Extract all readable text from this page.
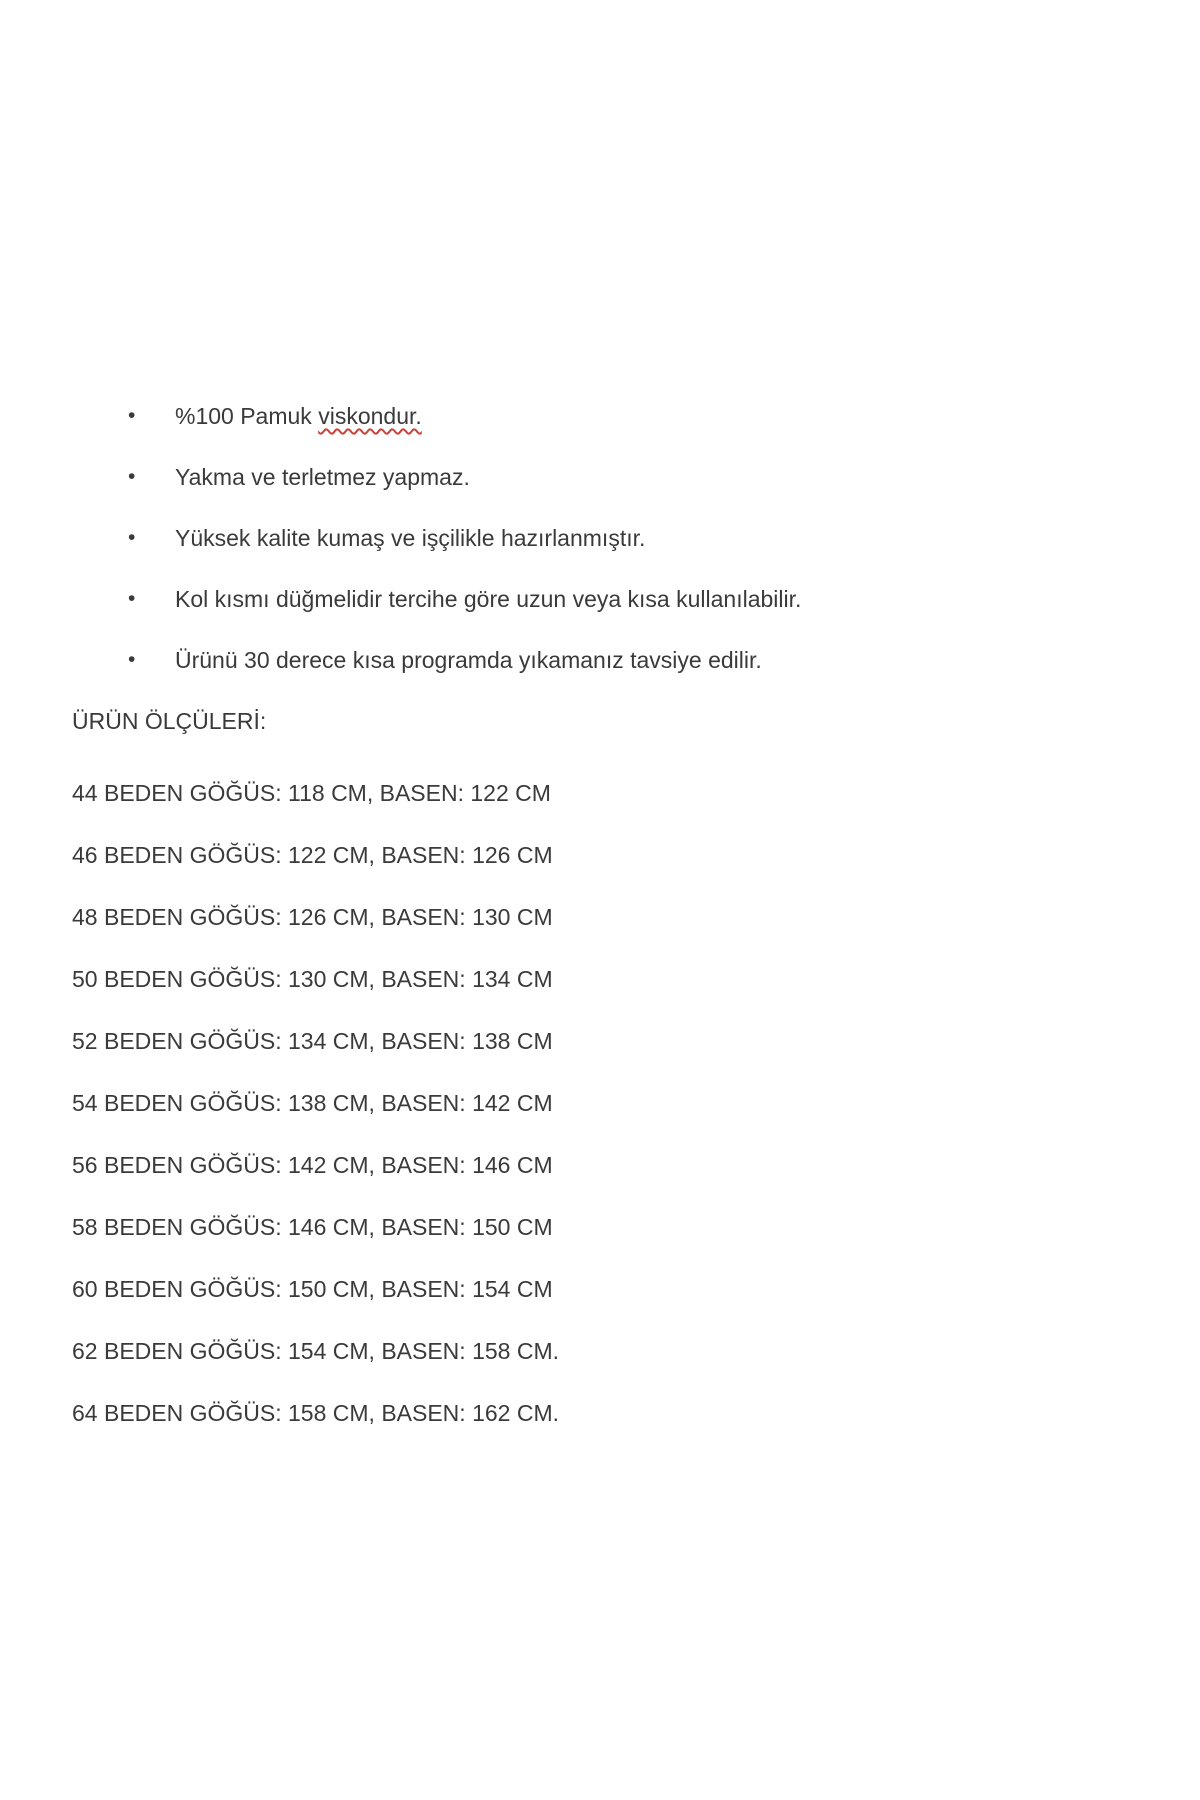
•	%100 Pamuk viskondur.
•	Yakma ve terletmez yapmaz.
•	Yüksek kalite kumaş ve işçilikle hazırlanmıştır.
•	Kol kısmı düğmelidir tercihe göre uzun veya kısa kullanılabilir.
•	Ürünü 30 derece kısa programda yıkamanız tavsiye edilir.
ÜRÜN ÖLÇÜLERİ:

44 BEDEN GÖĞÜS: 118 CM, BASEN: 122 CM

46 BEDEN GÖĞÜS: 122 CM, BASEN: 126 CM

48 BEDEN GÖĞÜS: 126 CM, BASEN: 130 CM

50 BEDEN GÖĞÜS: 130 CM, BASEN: 134 CM

52 BEDEN GÖĞÜS: 134 CM, BASEN: 138 CM

54 BEDEN GÖĞÜS: 138 CM, BASEN: 142 CM

56 BEDEN GÖĞÜS: 142 CM, BASEN: 146 CM

58 BEDEN GÖĞÜS: 146 CM, BASEN: 150 CM

60 BEDEN GÖĞÜS: 150 CM, BASEN: 154 CM

62 BEDEN GÖĞÜS: 154 CM, BASEN: 158 CM.

64 BEDEN GÖĞÜS: 158 CM, BASEN: 162 CM.
